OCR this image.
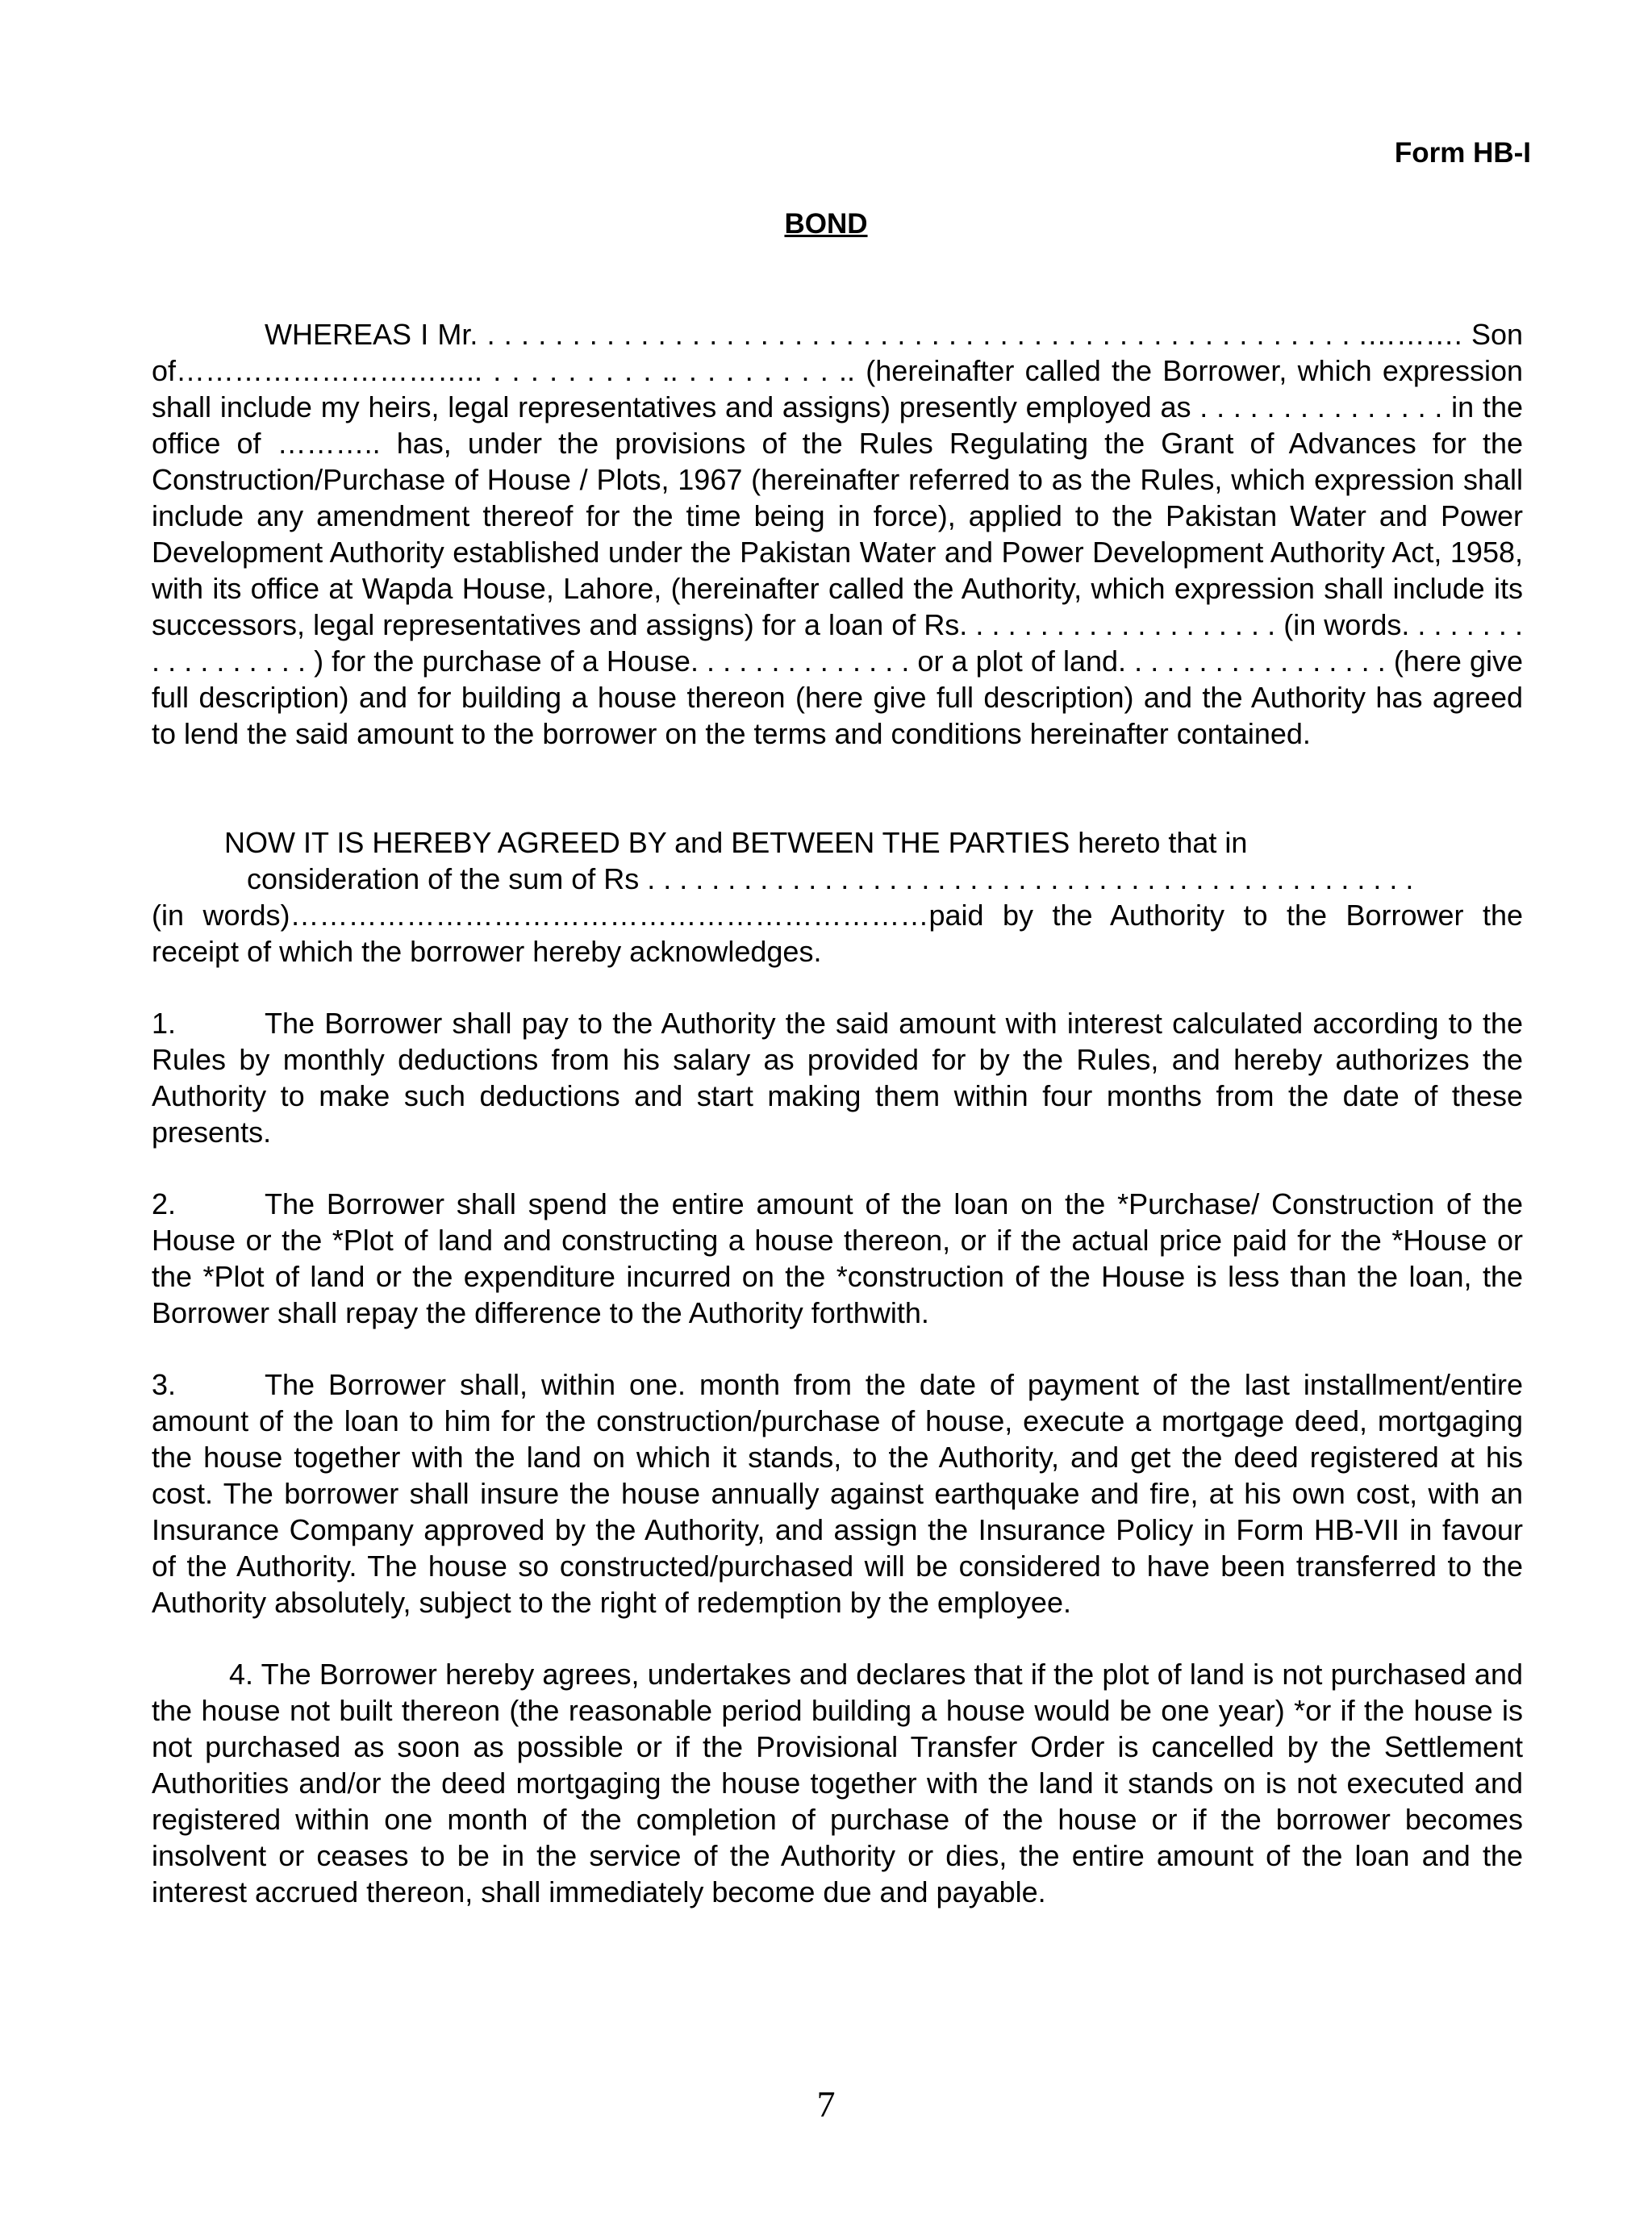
Form HB-I

BOND

WHEREAS I Mr. . . . . . . . . . . . . . . . . . . . . . . . . . . . . . . . . . . . . . . . . . . . . . . . . . . . .………. Son of………………………….. . . . . . . . . . .. . . . . . . . . .. (hereinafter called the Borrower, which expression shall include my heirs, legal representatives and assigns) presently employed as . . . . . . . . . . . . . . . in the office of ……….. has, under the provisions of the Rules Regulating the Grant of Advances for the Construction/Purchase of House / Plots, 1967 (hereinafter referred to as the Rules, which expression shall include any amendment thereof for the time being in force), applied to the Pakistan Water and Power Development Authority established under the Pakistan Water and Power Development Authority Act, 1958, with its office at Wapda House, Lahore, (hereinafter called the Authority, which expression shall include its successors, legal representatives and assigns) for a loan of Rs. . . . . . . . . . . . . . . . . . . . (in words. . . . . . . . . . . . . . . . . . ) for the purchase of a House. . . . . . . . . . . . . . or a plot of land. . . . . . . . . . . . . . . . . (here give full description) and for building a house thereon (here give full description) and the Authority has agreed to lend the said amount to the borrower on the terms and conditions hereinafter contained.

NOW IT IS HEREBY AGREED BY and BETWEEN THE PARTIES hereto that in
consideration of the sum of Rs . . . . . . . . . . . . . . . . . . . . . . . . . . . . . . . . . . . . . . . . . . . . . . . .
(in words)…………………………………………………………paid by the Authority to the Borrower the receipt of which the borrower hereby acknowledges.

1.	The Borrower shall pay to the Authority the said amount with interest calculated according to the Rules by monthly deductions from his salary as provided for by the Rules, and hereby authorizes the Authority to make such deductions and start making them within four months from the date of these presents.

2.	The Borrower shall spend the entire amount of the loan on the *Purchase/ Construction of the House or the *Plot of land and constructing a house thereon, or if the actual price paid for the *House or the *Plot of land or the expenditure incurred on the *construction of the House is less than the loan, the Borrower shall repay the difference to the Authority forthwith.

3.	The Borrower shall, within one. month from the date of payment of the last installment/entire amount of the loan to him for the construction/purchase of house, execute a mortgage deed, mortgaging the house together with the land on which it stands, to the Authority, and get the deed registered at his cost. The borrower shall insure the house annually against earthquake and fire, at his own cost, with an Insurance Company approved by the Authority, and assign the Insurance Policy in Form HB-VII in favour of the Authority. The house so constructed/purchased will be considered to have been transferred to the Authority absolutely, subject to the right of redemption by the employee.

4. The Borrower hereby agrees, undertakes and declares that if the plot of land is not purchased and the house not built thereon (the reasonable period building a house would be one year) *or if the house is not purchased as soon as possible or if the Provisional Transfer Order is cancelled by the Settlement Authorities and/or the deed mortgaging the house together with the land it stands on is not executed and registered within one month of the completion of purchase of the house or if the borrower becomes insolvent or ceases to be in the service of the Authority or dies, the entire amount of the loan and the interest accrued thereon, shall immediately become due and payable.

7
